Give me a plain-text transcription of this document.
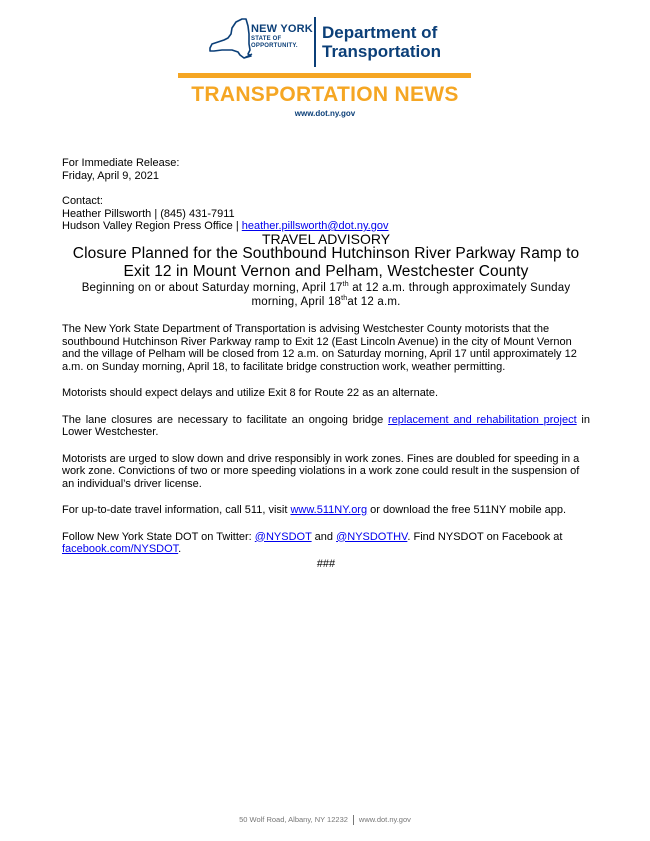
NEW YORK
STATE OF
OPPORTUNITY.
Department of
Transportation
TRANSPORTATION NEWS
www.dot.ny.gov

For Immediate Release:

Friday, April 9, 2021

Contact:

Heather Pillsworth | (845) 431-7911

Hudson Valley Region Press Office | heather.pillsworth@dot.ny.gov

TRAVEL ADVISORY

Closure Planned for the Southbound Hutchinson River Parkway Ramp to Exit 12 in Mount Vernon and Pelham, Westchester County

Beginning on or about Saturday morning, April 17th at 12 a.m. through approximately Sunday morning, April 18that 12 a.m.

The New York State Department of Transportation is advising Westchester County motorists that the southbound Hutchinson River Parkway ramp to Exit 12 (East Lincoln Avenue) in the city of Mount Vernon and the village of Pelham will be closed from 12 a.m. on Saturday morning, April 17 until approximately 12 a.m. on Sunday morning, April 18, to facilitate bridge construction work, weather permitting.

Motorists should expect delays and utilize Exit 8 for Route 22 as an alternate.

The lane closures are necessary to facilitate an ongoing bridge replacement and rehabilitation project in Lower Westchester.

Motorists are urged to slow down and drive responsibly in work zones. Fines are doubled for speeding in a work zone. Convictions of two or more speeding violations in a work zone could result in the suspension of an individual’s driver license.

For up-to-date travel information, call 511, visit www.511NY.org or download the free 511NY mobile app.

Follow New York State DOT on Twitter: @NYSDOT and @NYSDOTHV. Find NYSDOT on Facebook at facebook.com/NYSDOT.

###

50 Wolf Road, Albany, NY 12232 www.dot.ny.gov
